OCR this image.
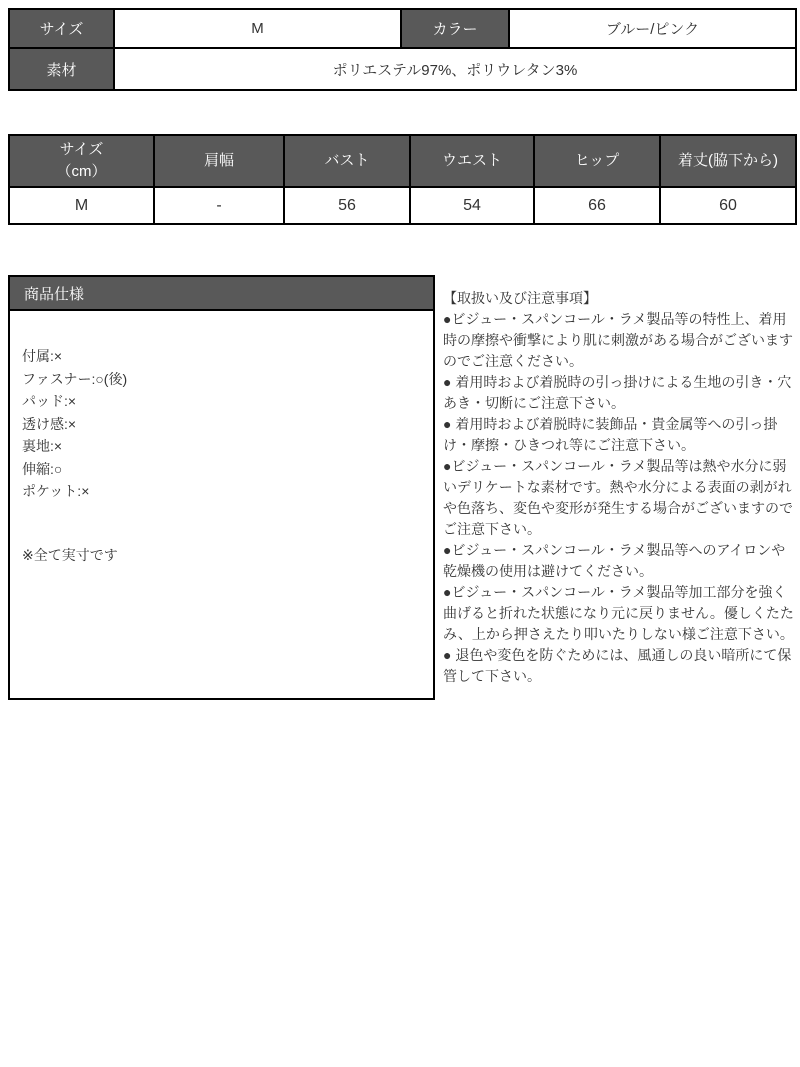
サイズ	M	カラー	ブルー/ピンク
素材	ポリエステル97%、ポリウレタン3%		
サイズ
（cm）	肩幅	バスト	ウエスト	ヒップ	着丈(脇下から)
M	-	56	54	66	60
商品仕様
付属:×
ファスナー:○(後)
パッド:×
透け感:×
裏地:×
伸縮:○
ポケット:×
※全て実寸です

【取扱い及び注意事項】

●ビジュー・スパンコール・ラメ製品等の特性上、着用時の摩擦や衝撃により肌に刺激がある場合がございますのでご注意ください。

● 着用時および着脱時の引っ掛けによる生地の引き・穴あき・切断にご注意下さい。

● 着用時および着脱時に装飾品・貴金属等への引っ掛け・摩擦・ひきつれ等にご注意下さい。

●ビジュー・スパンコール・ラメ製品等は熱や水分に弱いデリケートな素材です。熱や水分による表面の剥がれや色落ち、変色や変形が発生する場合がございますのでご注意下さい。

●ビジュー・スパンコール・ラメ製品等へのアイロンや乾燥機の使用は避けてください。

●ビジュー・スパンコール・ラメ製品等加工部分を強く曲げると折れた状態になり元に戻りません。優しくたたみ、上から押さえたり叩いたりしない様ご注意下さい。

● 退色や変色を防ぐためには、風通しの良い暗所にて保管して下さい。
